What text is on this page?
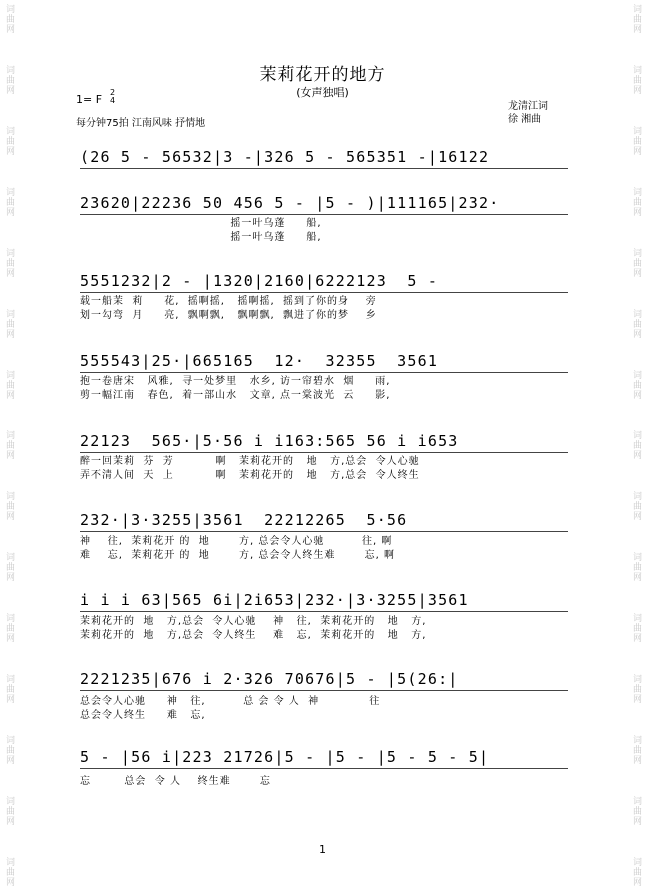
词曲网
词曲网
词曲网
词曲网
词曲网
词曲网
词曲网
词曲网
词曲网
词曲网
词曲网
词曲网
词曲网
词曲网
词曲网
词曲网
词曲网
词曲网
词曲网
词曲网
词曲网
词曲网
词曲网
词曲网
词曲网
词曲网
词曲网
词曲网
词曲网
词曲网
茉莉花开的地方
(女声独唱)
1= F
2
4
每分钟75拍 江南风味 抒情地
龙清江词
徐 湘曲
(26 5 - 56532|3 -|326 5 - 565351 -|16122
23620|22236 50 456 5 - |5 - )|111165|232·
摇一叶乌蓬     船,
摇一叶乌蓬     船,
5551232|2 - |1320|2160|6222123  5 -
载一船茉  莉     花,  摇啊摇,   摇啊摇,  摇到了你的身    旁
划一勾弯  月     亮,  飘啊飘,   飘啊飘,  飘进了你的梦    乡
555543|25·|665165  12·  32355  3561
抱一卷唐宋   风雅,  寻一处梦里   水乡, 访一帘碧水  烟     雨,
剪一幅江南   春色,  着一部山水   文章, 点一棠波光  云     影,
22123  565·|5·56 i i163:565 56 i i653
醉一回茉莉  芬  芳          啊   茉莉花开的   地   方,总会  令人心驰
弄不清人间  天  上          啊   茉莉花开的   地   方,总会  令人终生
232·|3·3255|3561  22212265  5·56
神    往,  茉莉花开 的  地       方, 总会令人心驰         往, 啊
难    忘,  茉莉花开 的  地       方, 总会令人终生难       忘, 啊
i i i 63|565 6i|2i653|232·|3·3255|3561
茉莉花开的  地   方,总会  令人心驰    神   往,  茉莉花开的   地   方,
茉莉花开的  地   方,总会  令人终生    难   忘,  茉莉花开的   地   方,
2221235|676 i 2·326 70676|5 - |5(26:|
总会令人心驰     神   往,         总 会 令 人  神            往
总会令人终生     难   忘,
5 - |56 i|223 21726|5 - |5 - |5 - 5 - 5|
忘        总会  令 人    终生难       忘
1
